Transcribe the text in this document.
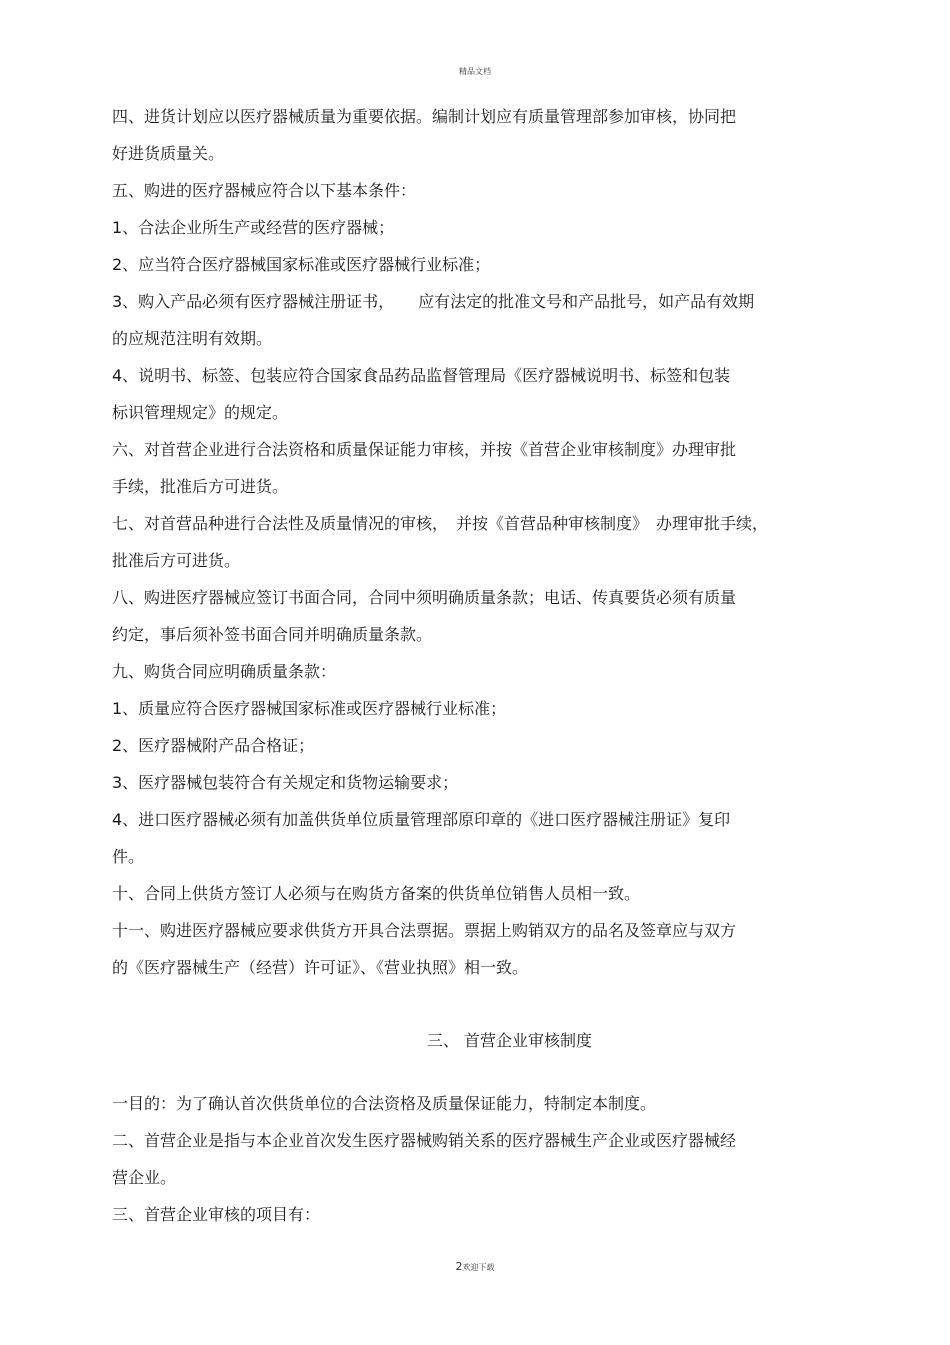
精品文档

四、进货计划应以医疗器械质量为重要依据。编制计划应有质量管理部参加审核，协同把

好进货质量关。

五、购进的医疗器械应符合以下基本条件：

1、合法企业所生产或经营的医疗器械；

2、应当符合医疗器械国家标准或医疗器械行业标准；

3、购入产品必须有医疗器械注册证书，　　应有法定的批准文号和产品批号，如产品有效期

的应规范注明有效期。

4、说明书、标签、包装应符合国家食品药品监督管理局《医疗器械说明书、标签和包装

标识管理规定》的规定。

六、对首营企业进行合法资格和质量保证能力审核，并按《首营企业审核制度》办理审批

手续，批准后方可进货。

七、对首营品种进行合法性及质量情况的审核，　并按《首营品种审核制度》　办理审批手续，

批准后方可进货。

八、购进医疗器械应签订书面合同，合同中须明确质量条款；电话、传真要货必须有质量

约定，事后须补签书面合同并明确质量条款。

九、购货合同应明确质量条款：

1、质量应符合医疗器械国家标准或医疗器械行业标准；

2、医疗器械附产品合格证；

3、医疗器械包装符合有关规定和货物运输要求；

4、进口医疗器械必须有加盖供货单位质量管理部原印章的《进口医疗器械注册证》复印

件。

十、合同上供货方签订人必须与在购货方备案的供货单位销售人员相一致。

十一、购进医疗器械应要求供货方开具合法票据。票据上购销双方的品名及签章应与双方

的《医疗器械生产（经营）许可证》、《营业执照》相一致。

三、 首营企业审核制度

一目的：为了确认首次供货单位的合法资格及质量保证能力，特制定本制度。

二、首营企业是指与本企业首次发生医疗器械购销关系的医疗器械生产企业或医疗器械经

营企业。

三、首营企业审核的项目有：

2欢迎下载
